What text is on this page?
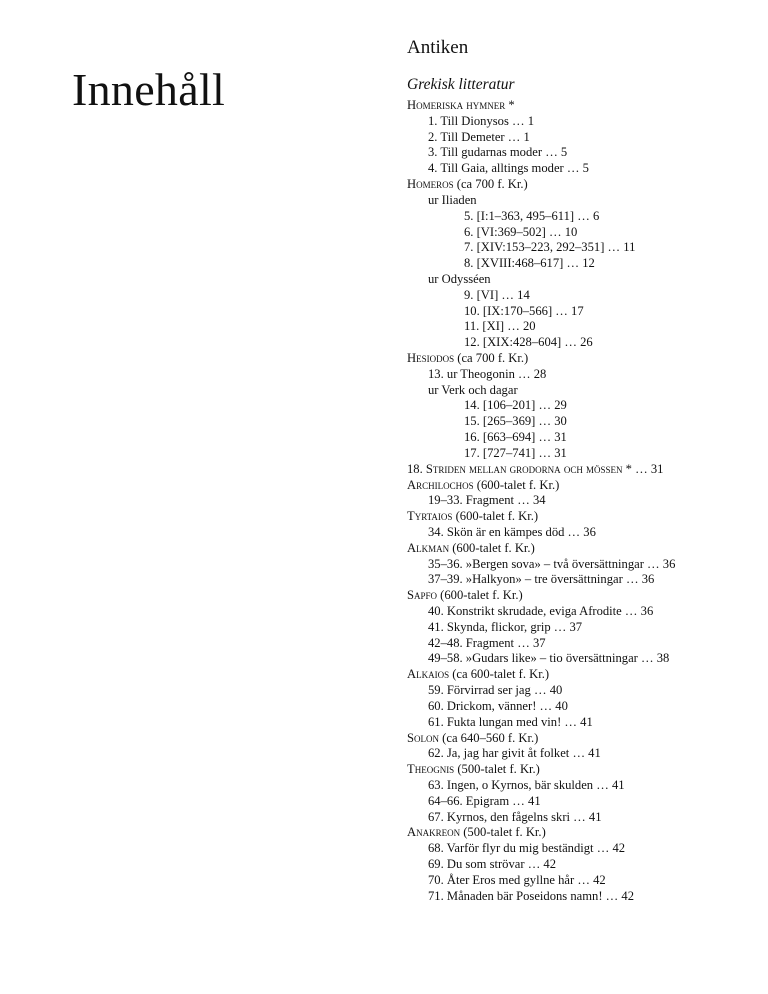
Innehåll
Antiken
Grekisk litteratur
Homeriska hymner *
1. Till Dionysos … 1
2. Till Demeter … 1
3. Till gudarnas moder … 5
4. Till Gaia, alltings moder … 5
Homeros (ca 700 f. Kr.)
ur Iliaden
5. [I:1–363, 495–611] … 6
6. [VI:369–502] … 10
7. [XIV:153–223, 292–351] … 11
8. [XVIII:468–617] … 12
ur Odysséen
9. [VI] … 14
10. [IX:170–566] … 17
11. [XI] … 20
12. [XIX:428–604] … 26
Hesiodos (ca 700 f. Kr.)
13. ur Theogonin … 28
ur Verk och dagar
14. [106–201] … 29
15. [265–369] … 30
16. [663–694] … 31
17. [727–741] … 31
18. Striden mellan grodorna och mössen * … 31
Archilochos (600-talet f. Kr.)
19–33. Fragment … 34
Tyrtaios (600-talet f. Kr.)
34. Skön är en kämpes död … 36
Alkman (600-talet f. Kr.)
35–36. »Bergen sova» – två översättningar … 36
37–39. »Halkyon» – tre översättningar … 36
Sapfo (600-talet f. Kr.)
40. Konstrikt skrudade, eviga Afrodite … 36
41. Skynda, flickor, grip … 37
42–48. Fragment … 37
49–58. »Gudars like» – tio översättningar … 38
Alkaios (ca 600-talet f. Kr.)
59. Förvirrad ser jag … 40
60. Drickom, vänner! … 40
61. Fukta lungan med vin! … 41
Solon (ca 640–560 f. Kr.)
62. Ja, jag har givit åt folket … 41
Theognis (500-talet f. Kr.)
63. Ingen, o Kyrnos, bär skulden … 41
64–66. Epigram … 41
67. Kyrnos, den fågelns skri … 41
Anakreon (500-talet f. Kr.)
68. Varför flyr du mig beständigt … 42
69. Du som strövar … 42
70. Åter Eros med gyllne hår … 42
71. Månaden bär Poseidons namn! … 42
